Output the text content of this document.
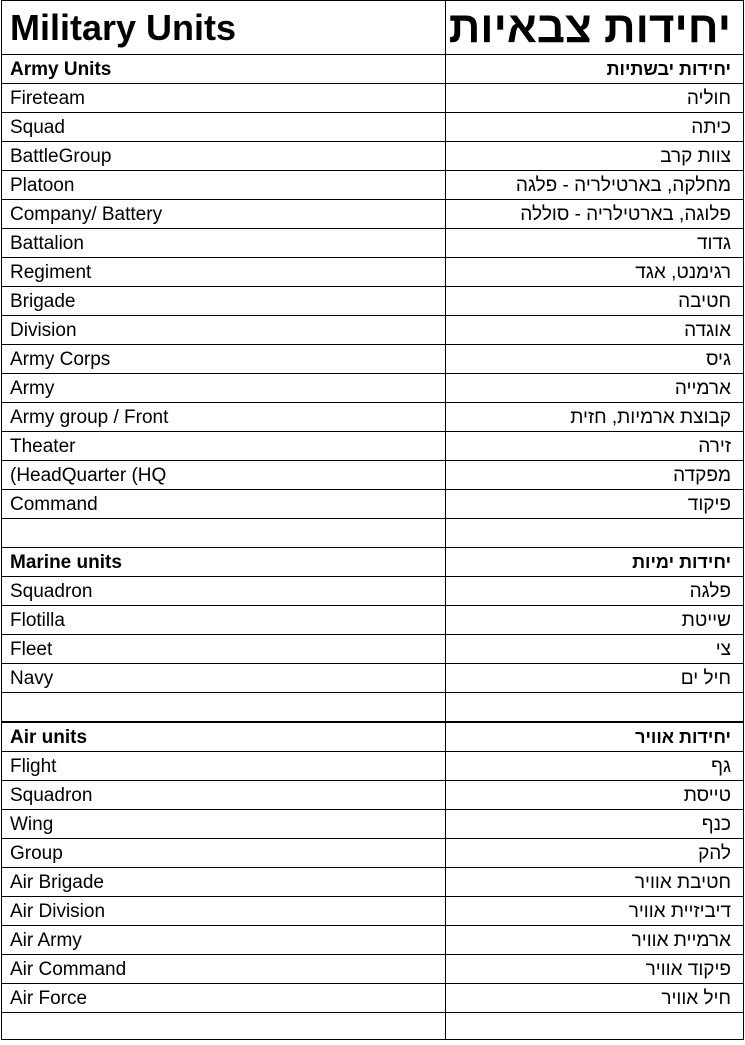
Military Units	יחידות צבאיות
Army Units	יחידות יבשתיות
Fireteam	חוליה
Squad	כיתה
BattleGroup	צוות קרב
Platoon	מחלקה, בארטילריה - פלגה
Company/ Battery	פלוגה, בארטילריה - סוללה
Battalion	גדוד
Regiment	רגימנט, אגד
Brigade	חטיבה
Division	אוגדה
Army Corps	גיס
Army	ארמייה
Army group / Front	קבוצת ארמיות, חזית
Theater	זירה
(HeadQuarter (HQ	מפקדה
Command	פיקוד

Marine units	יחידות ימיות
Squadron	פלגה
Flotilla	שייטת
Fleet	צי
Navy	חיל ים

Air units	יחידות אוויר
Flight	גף
Squadron	טייסת
Wing	כנף
Group	להק
Air Brigade	חטיבת אוויר
Air Division	דיביזיית אוויר
Air Army	ארמיית אוויר
Air Command	פיקוד אוויר
Air Force	חיל אוויר
